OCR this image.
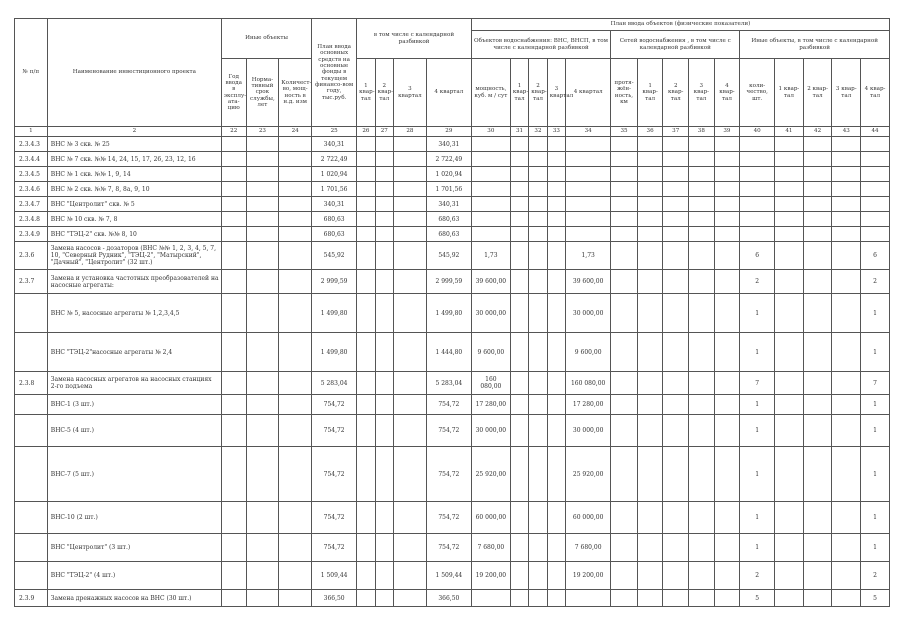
№ п/п	Наименование инвестиционного проекта	Иные объекты			План ввода основных средств на основные фонды в текущем финансо-вом году, тыс.руб.	в том числе с календарной разбивкой				План ввода объектов (физические показатели)														
										Объектов водоснабжения: ВНС, ВНСП, в том числе с календарной разбивкой					Сетей водоснабжения , в том числе с календарной разбивкой					Иные объекты, в том числе с календарной разбивкой				
		Год ввода в эксплу-ата-цию	Норма-тивный срок службы, лет	Количест-во, мощ-ность в н.д. изм		1 квар-тал	2 квар-тал	3 квартал	4 квартал	мощность, куб. м / сут	1 квар-тал	2 квар-тал	3 квартал	4 квартал	протя-жён-ность, км	1 квар-тал	2 квар-тал	3 квар-тал	4 квар-тал	коли-чество, шт.	1 квар-тал	2 квар-тал	3 квар-тал	4 квар-тал
1	2	22	23	24	25	26	27	28	29	30	31	32	33	34	35	36	37	38	39	40	41	42	43	44
2.3.4.3	ВНС № 3 скв. № 25				340,31				340,31															
2.3.4.4	ВНС № 7 скв. №№ 14, 24, 15, 17, 26, 23, 12, 16				2 722,49				2 722,49															
2.3.4.5	ВНС № 1 скв. №№ 1, 9, 14				1 020,94				1 020,94															
2.3.4.6	ВНС № 2 скв. №№ 7, 8, 8а, 9, 10				1 701,56				1 701,56															
2.3.4.7	ВНС "Центролит" скв. № 5				340,31				340,31															
2.3.4.8	ВНС № 10 скв. № 7, 8				680,63				680,63															
2.3.4.9	ВНС "ТЭЦ-2" скв. №№ 8, 10				680,63				680,63															
2.3.6	Замена насосов - дозаторов (ВНС №№ 1, 2, 3, 4, 5, 7, 10, "Северный Рудник", "ТЭЦ-2", "Матырский", "Дачный", "Центролит" (32 шт.)				545,92				545,92	1,73				1,73						6				6
2.3.7	Замена и установка частотных преобразователей на насосные агрегаты:				2 999,59				2 999,59	39 600,00				39 600,00						2				2
	ВНС № 5, насосные агрегаты № 1,2,3,4,5				1 499,80				1 499,80	30 000,00				30 000,00						1				1
	ВНС "ТЭЦ-2"насосные агрегаты № 2,4				1 499,80				1 444,80	9 600,00				9 600,00						1				1
2.3.8	Замена насосных агрегатов на насосных станциях 2-го подъема				5 283,04				5 283,04	160 080,00				160 080,00						7				7
	ВНС-1 (3 шт.)				754,72				754,72	17 280,00				17 280,00						1				1
	ВНС-5 (4 шт.)				754,72				754,72	30 000,00				30 000,00						1				1
	ВНС-7 (5 шт.)				754,72				754,72	25 920,00				25 920,00						1				1
	ВНС-10 (2 шт.)				754,72				754,72	60 000,00				60 000,00						1				1
	ВНС "Центролит" (3 шт.)				754,72				754,72	7 680,00				7 680,00						1				1
	ВНС "ТЭЦ-2" (4 шт.)				1 509,44				1 509,44	19 200,00				19 200,00						2				2
2.3.9	Замена дренажных насосов на ВНС (30 шт.)				366,50				366,50											5				5
